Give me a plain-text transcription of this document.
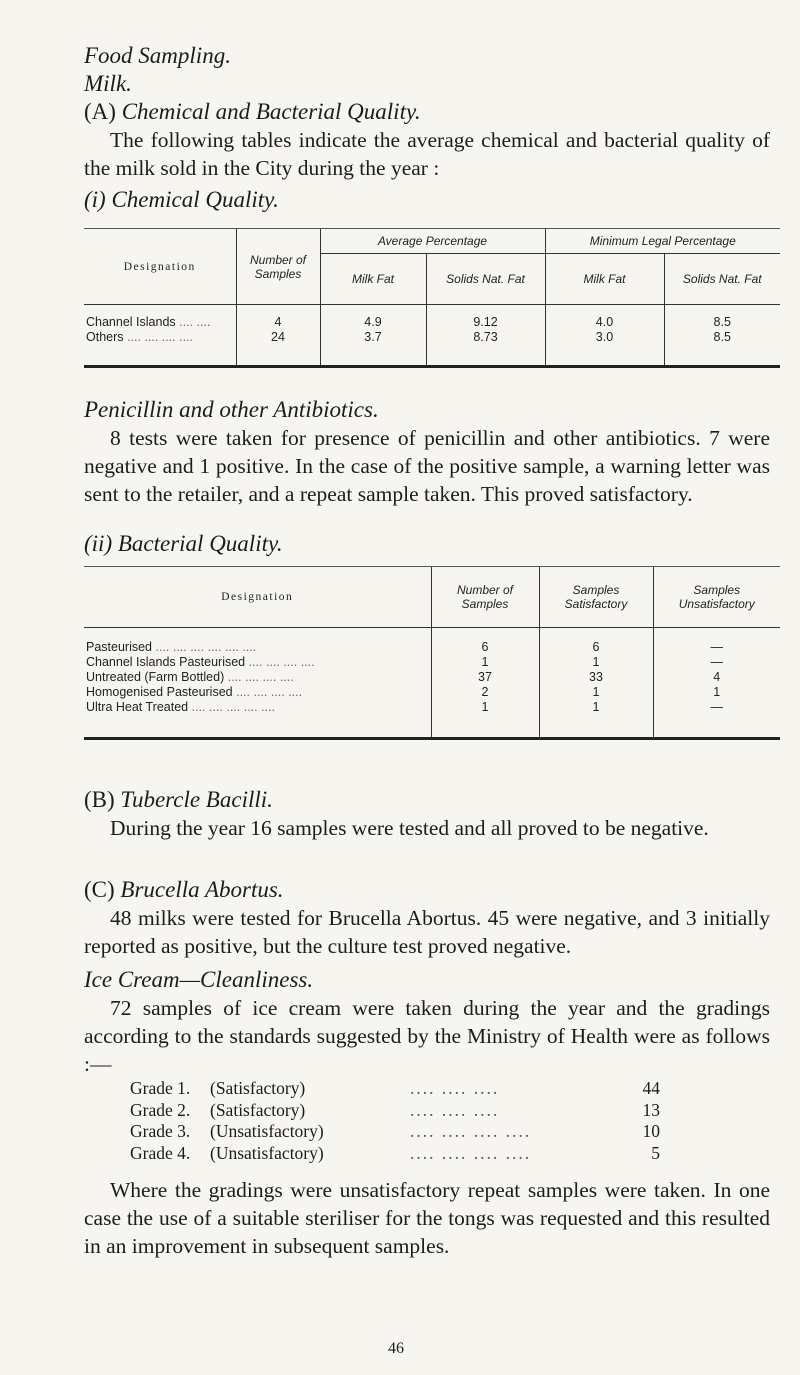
Food Sampling.
Milk.
(A) Chemical and Bacterial Quality.
The following tables indicate the average chemical and bacterial quality of the milk sold in the City during the year :
(i) Chemical Quality.
Designation	Number of Samples	Average Percentage		Minimum Legal Percentage	
		Milk Fat	Solids Nat. Fat	Milk Fat	Solids Nat. Fat

Channel Islands .... ....	4	4.9	9.12	4.0	8.5
Others .... .... .... ....	24	3.7	8.73	3.0	8.5

Penicillin and other Antibiotics.
8 tests were taken for presence of penicillin and other antibiotics. 7 were negative and 1 positive. In the case of the positive sample, a warning letter was sent to the retailer, and a repeat sample taken. This proved satisfactory.
(ii) Bacterial Quality.
Designation	Number of Samples	Samples Satisfactory	Samples Unsatisfactory

Pasteurised .... .... .... .... .... ....	6	6	—
Channel Islands Pasteurised .... .... .... ....	1	1	—
Untreated (Farm Bottled) .... .... .... ....	37	33	4
Homogenised Pasteurised .... .... .... ....	2	1	1
Ultra Heat Treated .... .... .... .... ....	1	1	—

(B) Tubercle Bacilli.
During the year 16 samples were tested and all proved to be negative.
(C) Brucella Abortus.
48 milks were tested for Brucella Abortus. 45 were negative, and 3 initially reported as positive, but the culture test proved negative.
Ice Cream—Cleanliness.
72 samples of ice cream were taken during the year and the gradings according to the standards suggested by the Ministry of Health were as follows :—
Grade 1.	(Satisfactory)	.... .... ....	44
Grade 2.	(Satisfactory)	.... .... ....	13
Grade 3.	(Unsatisfactory)	.... .... .... ....	10
Grade 4.	(Unsatisfactory)	.... .... .... ....	5
Where the gradings were unsatisfactory repeat samples were taken. In one case the use of a suitable steriliser for the tongs was requested and this resulted in an improvement in subsequent samples.
46
